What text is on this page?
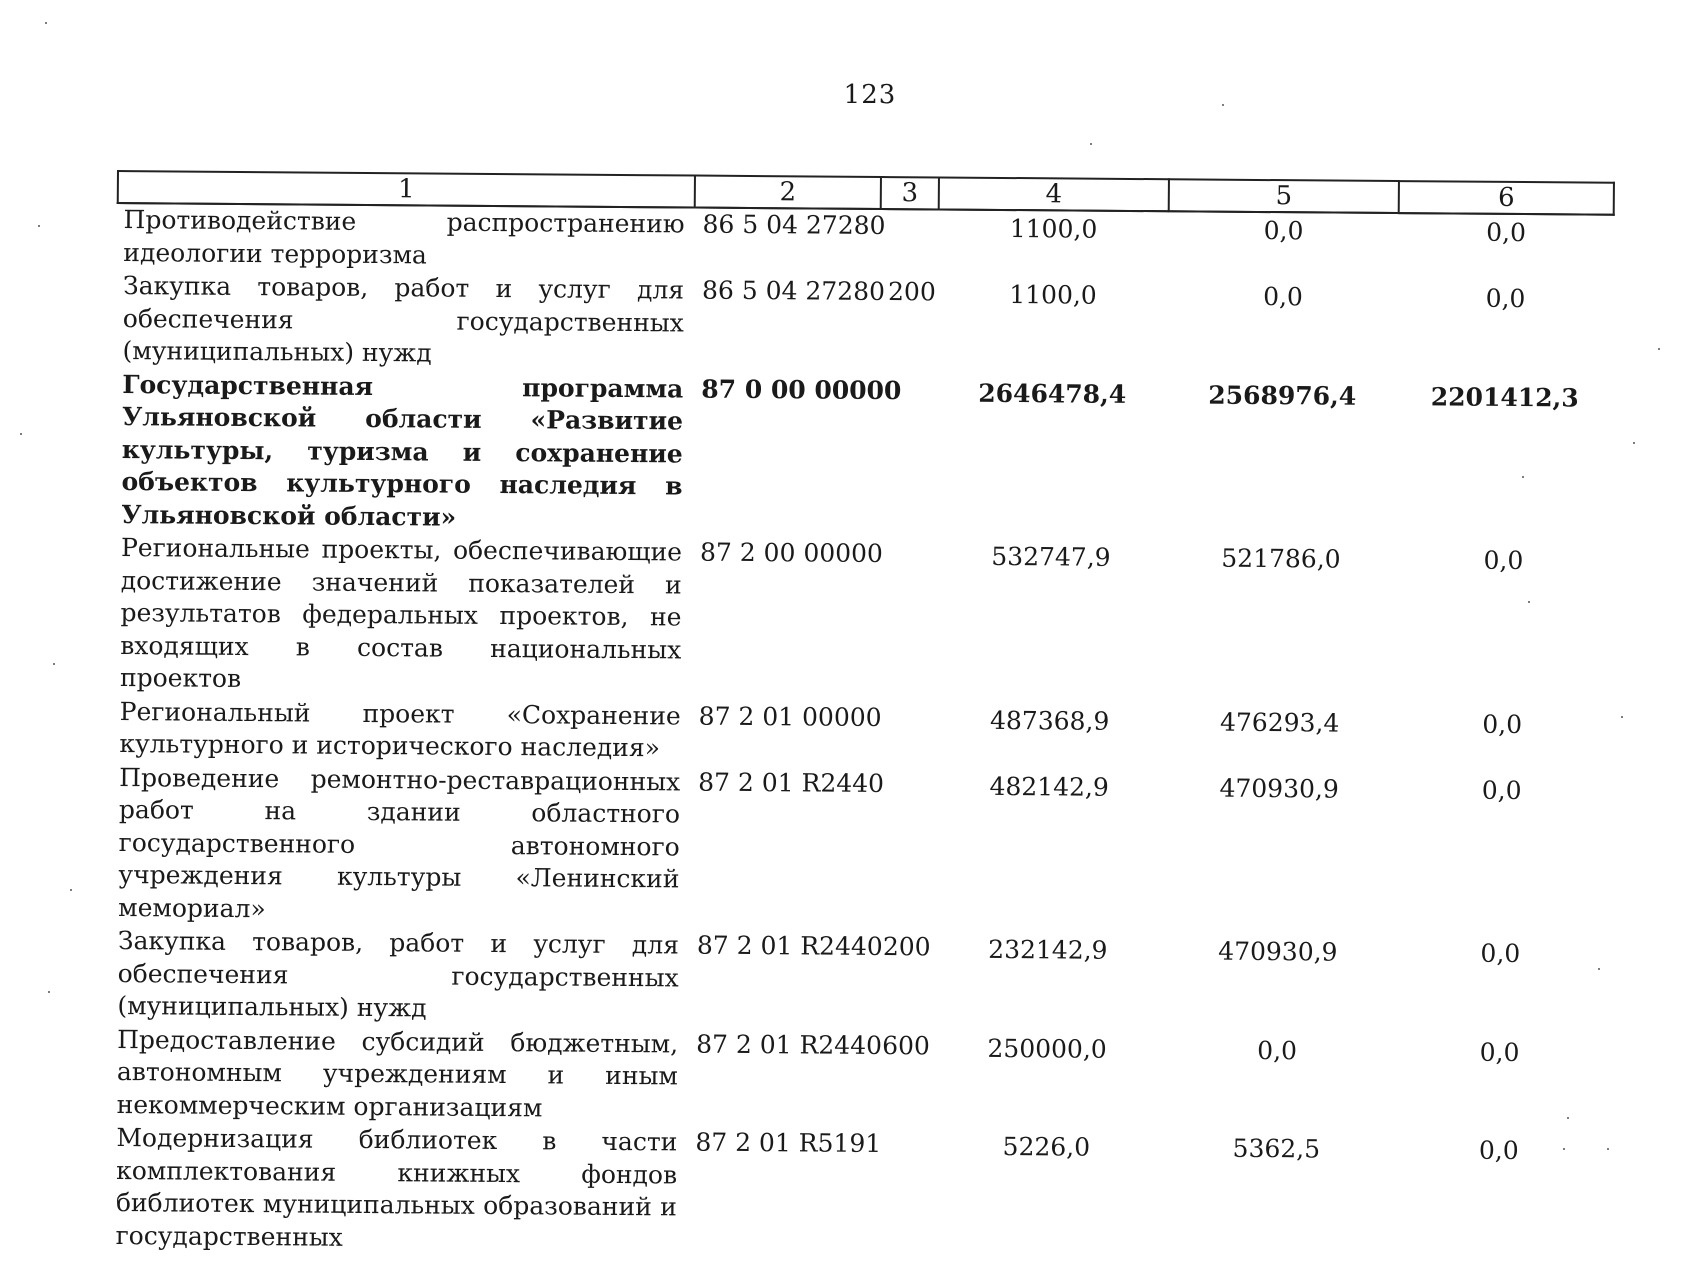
123
1	2	3	4	5	6
Противодействие распространению идеологии терроризма	86 5 04 27280		1100,0	0,0	0,0
Закупка товаров, работ и услуг для обеспечения государственных (муниципальных) нужд	86 5 04 27280	200	1100,0	0,0	0,0
Государственная программа Ульяновской области «Развитие культуры, туризма и сохранение объектов культурного наследия в Ульяновской области»	87 0 00 00000		2646478,4	2568976,4	2201412,3
Региональные проекты, обеспечивающие достижение значений показателей и результатов федеральных проектов, не входящих в состав национальных проектов	87 2 00 00000		532747,9	521786,0	0,0
Региональный проект «Сохранение культурного и исторического наследия»	87 2 01 00000		487368,9	476293,4	0,0
Проведение ремонтно-реставрационных работ на здании областного государственного автономного учреждения культуры «Ленинский мемориал»	87 2 01 R2440		482142,9	470930,9	0,0
Закупка товаров, работ и услуг для обеспечения государственных (муниципальных) нужд	87 2 01 R2440	200	232142,9	470930,9	0,0
Предоставление субсидий бюджетным, автономным учреждениям и иным некоммерческим организациям	87 2 01 R2440	600	250000,0	0,0	0,0
Модернизация библиотек в части комплектования книжных фондов библиотек муниципальных образований и государственных	87 2 01 R5191		5226,0	5362,5	0,0
